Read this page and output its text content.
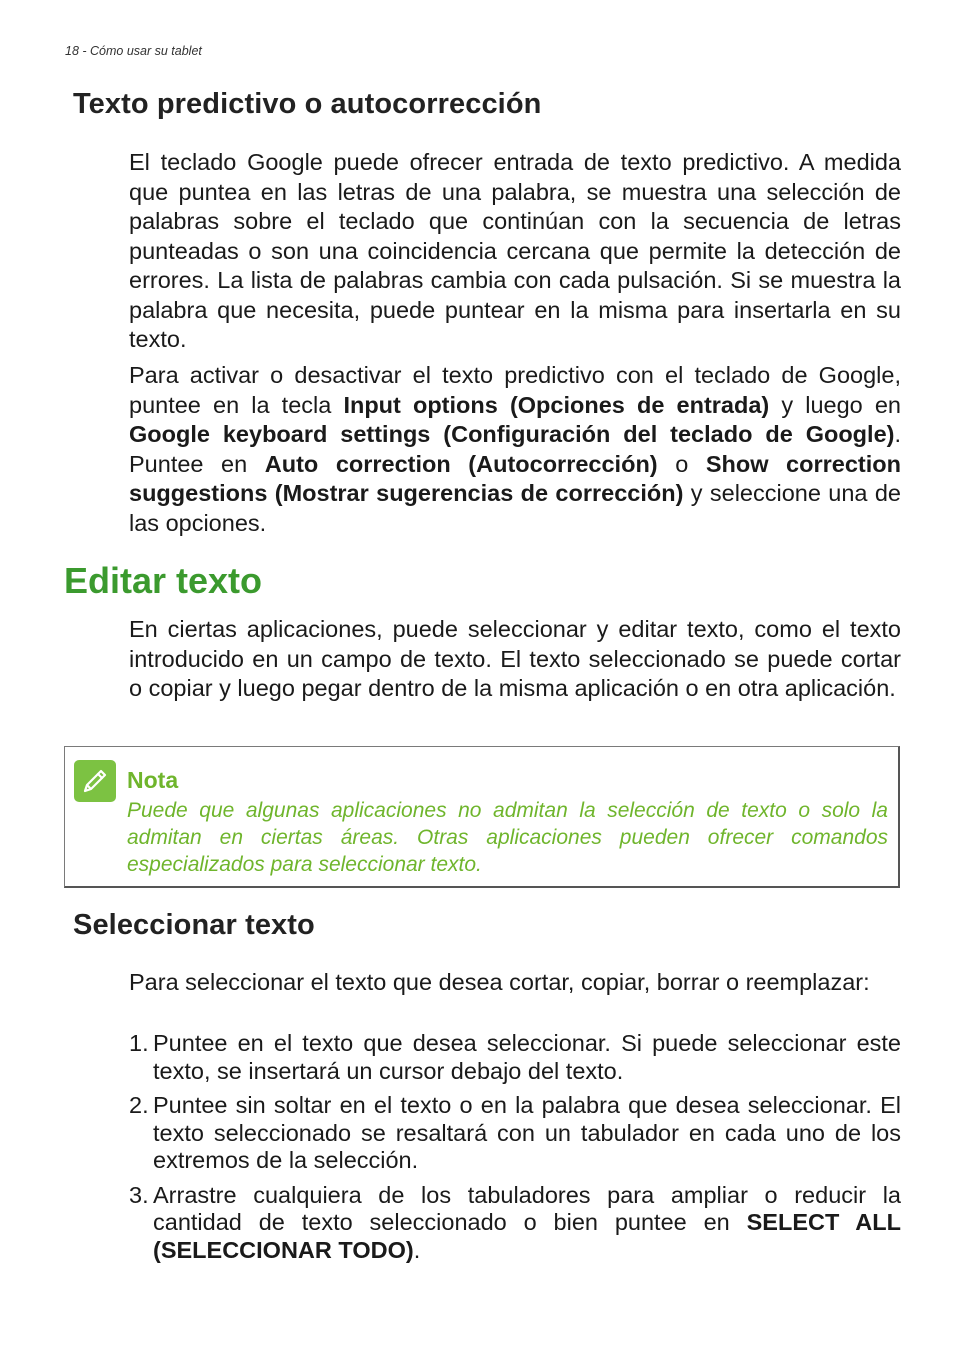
18 - Cómo usar su tablet
Texto predictivo o autocorrección

El teclado Google puede ofrecer entrada de texto predictivo. A medida que puntea en las letras de una palabra, se muestra una selección de palabras sobre el teclado que continúan con la secuencia de letras punteadas o son una coincidencia cercana que permite la detección de errores. La lista de palabras cambia con cada pulsación. Si se muestra la palabra que necesita, puede puntear en la misma para insertarla en su texto.

Para activar o desactivar el texto predictivo con el teclado de Google, puntee en la tecla Input options (Opciones de entrada) y luego en Google keyboard settings (Configuración del teclado de Google). Puntee en Auto correction (Autocorrección) o Show correction suggestions (Mostrar sugerencias de corrección) y seleccione una de las opciones.

Editar texto

En ciertas aplicaciones, puede seleccionar y editar texto, como el texto introducido en un campo de texto. El texto seleccionado se puede cortar o copiar y luego pegar dentro de la misma aplicación o en otra aplicación.

Nota

Puede que algunas aplicaciones no admitan la selección de texto o solo la admitan en ciertas áreas. Otras aplicaciones pueden ofrecer comandos especializados para seleccionar texto.

Seleccionar texto

Para seleccionar el texto que desea cortar, copiar, borrar o reemplazar:

1. Puntee en el texto que desea seleccionar. Si puede seleccionar este texto, se insertará un cursor debajo del texto.
2. Puntee sin soltar en el texto o en la palabra que desea seleccionar. El texto seleccionado se resaltará con un tabulador en cada uno de los extremos de la selección.
3. Arrastre cualquiera de los tabuladores para ampliar o reducir la cantidad de texto seleccionado o bien puntee en SELECT ALL (SELECCIONAR TODO).
